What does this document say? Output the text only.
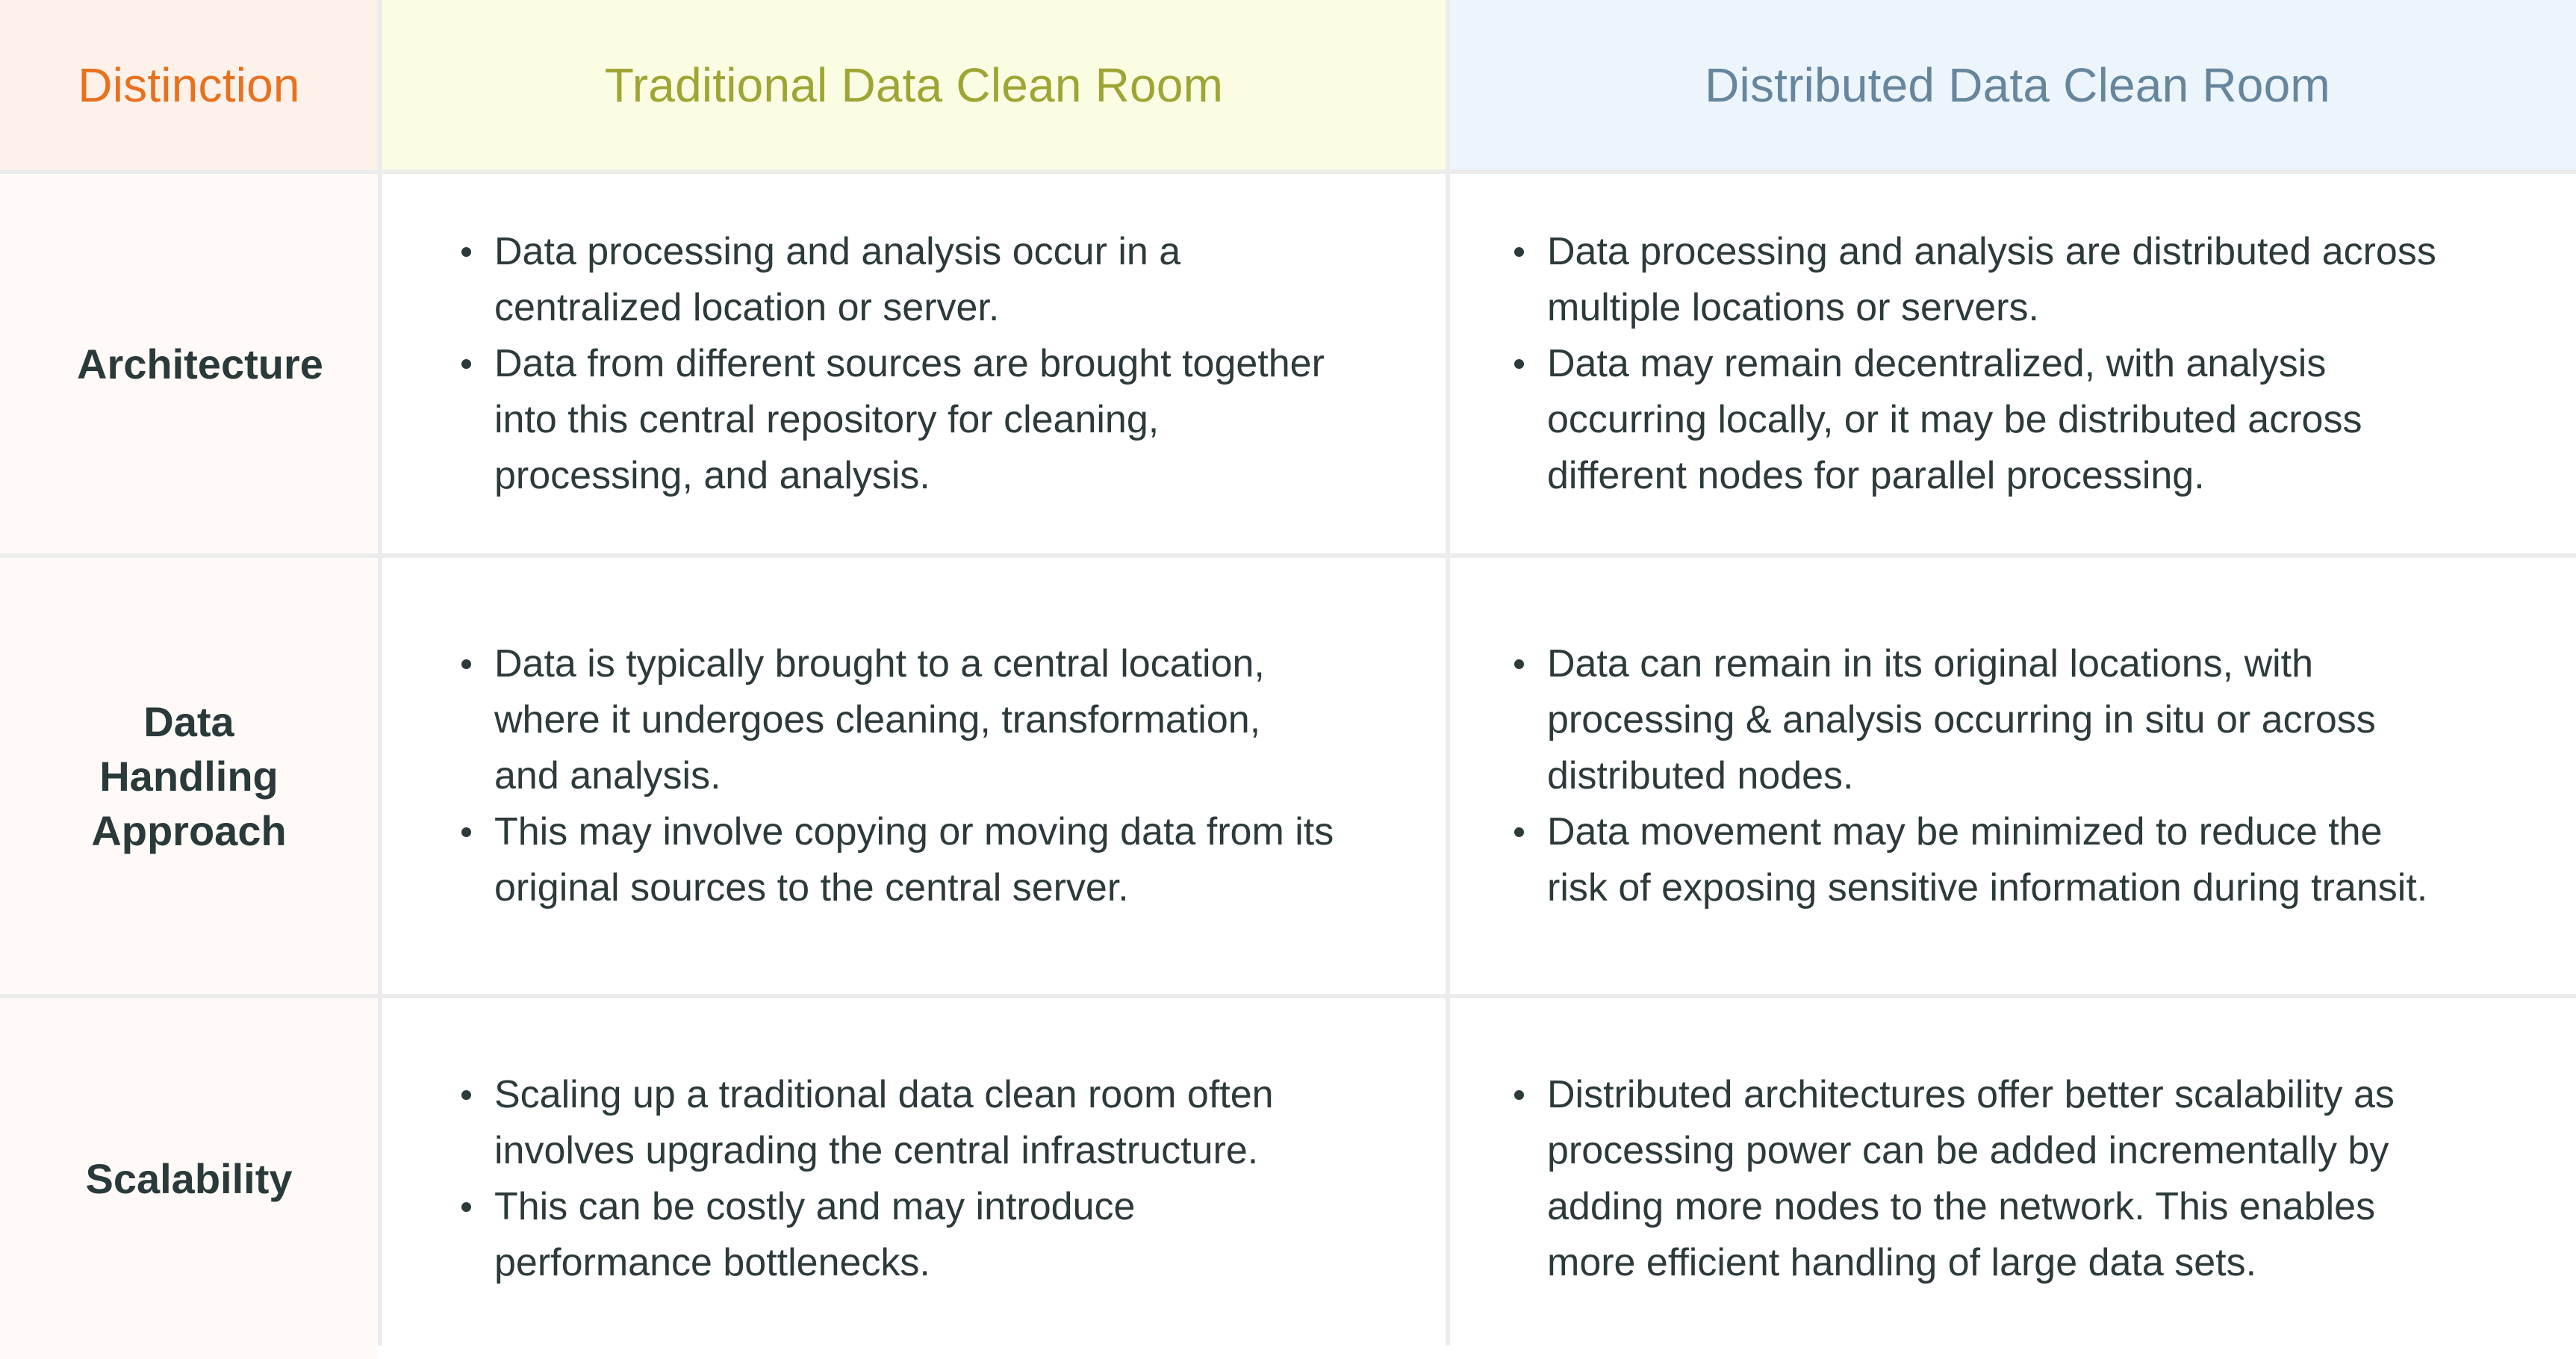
Distinction	Traditional Data Clean Room	Distributed Data Clean Room
Architecture
Data processing and analysis occur in a
centralized location or server.
Data from different sources are brought together
into this central repository for cleaning,
processing, and analysis.
Data processing and analysis are distributed across
multiple locations or servers.
Data may remain decentralized, with analysis
occurring locally, or it may be distributed across
different nodes for parallel processing.
Data
Handling
Approach
Data is typically brought to a central location,
where it undergoes cleaning, transformation,
and analysis.
This may involve copying or moving data from its
original sources to the central server.
Data can remain in its original locations, with
processing & analysis occurring in situ or across
distributed nodes.
Data movement may be minimized to reduce the
risk of exposing sensitive information during transit.
Scalability
Scaling up a traditional data clean room often
involves upgrading the central infrastructure.
This can be costly and may introduce
performance bottlenecks.
Distributed architectures offer better scalability as
processing power can be added incrementally by
adding more nodes to the network. This enables
more efficient handling of large data sets.
